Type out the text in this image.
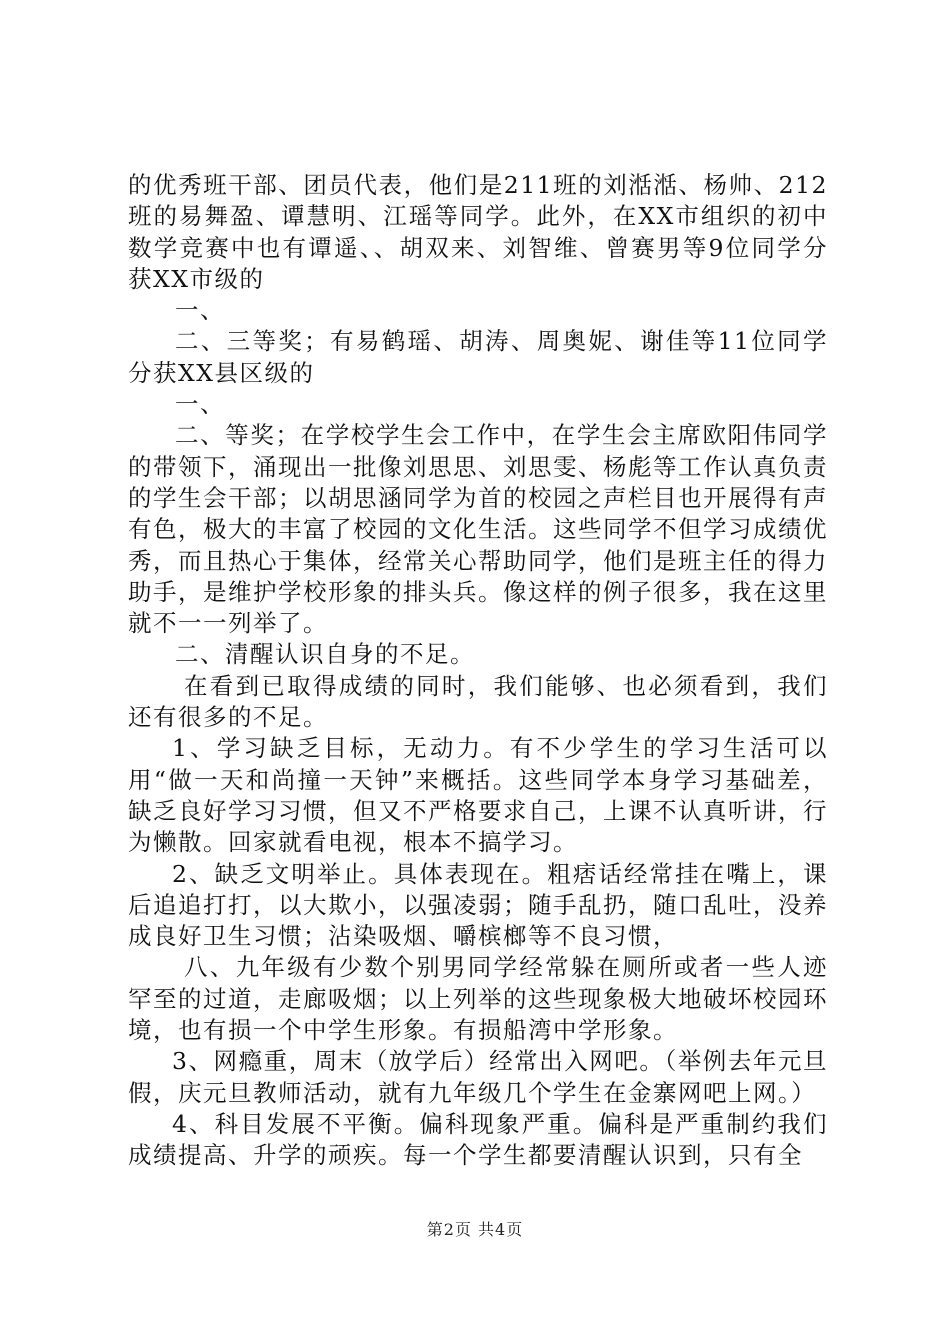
的优秀班干部、团员代表，他们是211班的刘湉湉、杨帅、212班的易舞盈、谭慧明、江瑶等同学。此外，在XX市组织的初中数学竞赛中也有谭遥、、胡双来、刘智维、曾赛男等9位同学分获XX市级的

一、

二、三等奖；有易鹤瑶、胡涛、周奥妮、谢佳等11位同学分获XX县区级的

一、

二、等奖；在学校学生会工作中，在学生会主席欧阳伟同学的带领下，涌现出一批像刘思思、刘思雯、杨彪等工作认真负责的学生会干部；以胡思涵同学为首的校园之声栏目也开展得有声有色，极大的丰富了校园的文化生活。这些同学不但学习成绩优秀，而且热心于集体，经常关心帮助同学，他们是班主任的得力助手，是维护学校形象的排头兵。像这样的例子很多，我在这里就不一一列举了。

二、清醒认识自身的不足。

在看到已取得成绩的同时，我们能够、也必须看到，我们还有很多的不足。

1、学习缺乏目标，无动力。有不少学生的学习生活可以用“做一天和尚撞一天钟”来概括。这些同学本身学习基础差，缺乏良好学习习惯，但又不严格要求自己，上课不认真听讲，行为懒散。回家就看电视，根本不搞学习。

2、缺乏文明举止。具体表现在。粗痞话经常挂在嘴上，课后追追打打，以大欺小，以强凌弱；随手乱扔，随口乱吐，没养成良好卫生习惯；沾染吸烟、嚼槟榔等不良习惯，

八、九年级有少数个别男同学经常躲在厕所或者一些人迹罕至的过道，走廊吸烟；以上列举的这些现象极大地破坏校园环境，也有损一个中学生形象。有损船湾中学形象。

3、网瘾重，周末（放学后）经常出入网吧。（举例去年元旦假，庆元旦教师活动，就有九年级几个学生在金寨网吧上网。）

4、科目发展不平衡。偏科现象严重。偏科是严重制约我们成绩提高、升学的顽疾。每一个学生都要清醒认识到，只有全

第2页 共4页
